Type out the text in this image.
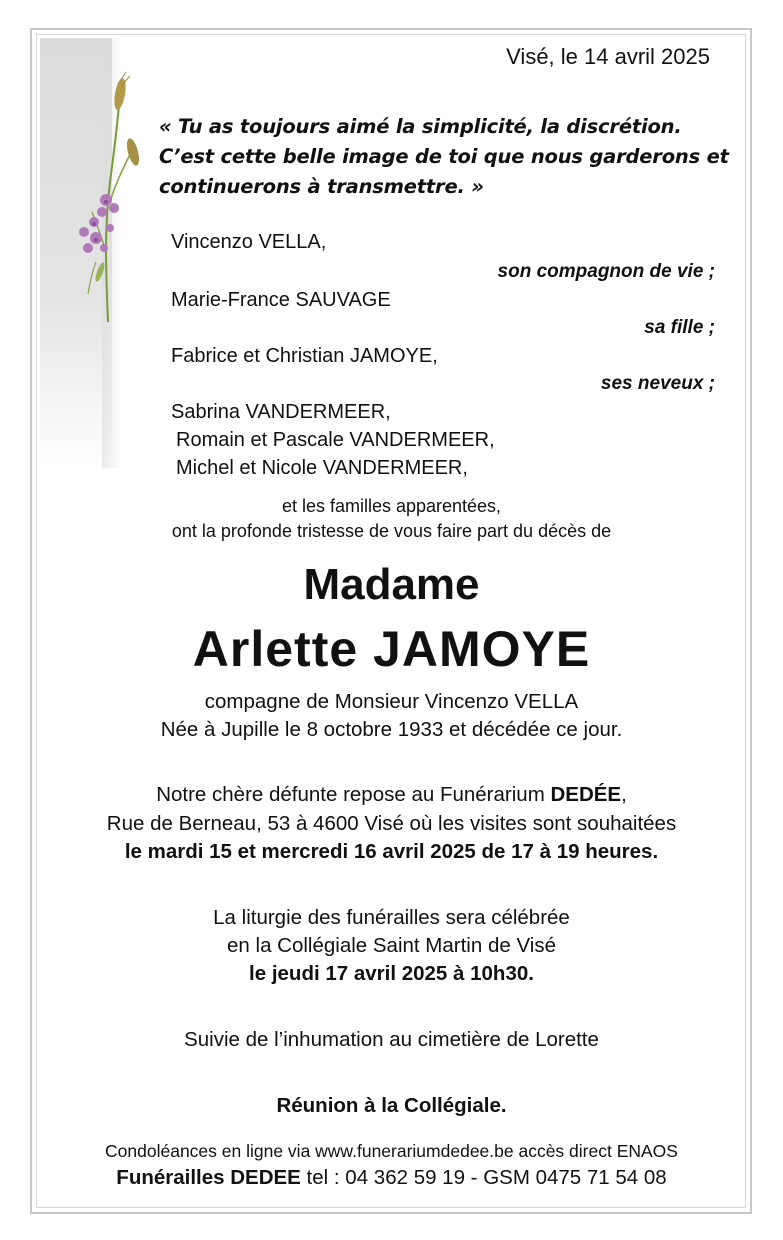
Visé, le 14 avril 2025

« Tu as toujours aimé la simplicité, la discrétion.
C’est cette belle image de toi que nous garderons et
continuerons à transmettre. »

Vincenzo VELLA,

son compagnon de vie ;

Marie-France SAUVAGE

sa fille ;

Fabrice et Christian JAMOYE,

ses neveux ;

Sabrina VANDERMEER,

Romain et Pascale VANDERMEER,

Michel et Nicole VANDERMEER,

et les familles apparentées,

ont la profonde tristesse de vous faire part du décès de

Madame

Arlette JAMOYE

compagne de Monsieur Vincenzo VELLA

Née à Jupille le 8 octobre 1933 et décédée ce jour.

Notre chère défunte repose au Funérarium DEDÉE,

Rue de Berneau, 53 à 4600 Visé où les visites sont souhaitées

le mardi 15 et mercredi 16 avril 2025 de 17 à 19 heures.

La liturgie des funérailles sera célébrée

en la Collégiale Saint Martin de Visé

le jeudi 17 avril 2025 à 10h30.

Suivie de l’inhumation au cimetière de Lorette

Réunion à la Collégiale.

Condoléances en ligne via www.funerariumdedee.be accès direct ENAOS

Funérailles DEDEE tel : 04 362 59 19 - GSM 0475 71 54 08
